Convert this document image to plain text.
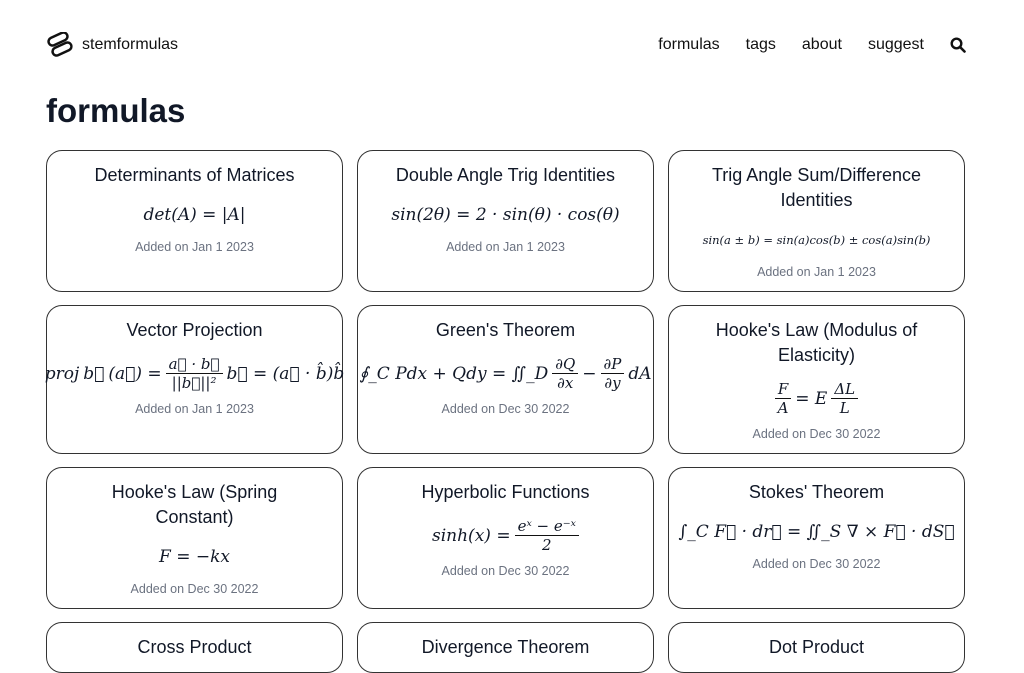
stemformulas	formulas tags about suggest
formulas
Determinants of Matrices
det(A) = |A|
Added on Jan 1 2023
Double Angle Trig Identities
sin(2θ) = 2 · sin(θ) · cos(θ)
Added on Jan 1 2023
Trig Angle Sum/Difference Identities
sin(a ± b) = sin(a)cos(b) ± cos(a)sin(b)
Added on Jan 1 2023
Vector Projection
proj b⃗ (a⃗) = $\frac{a⃗ \cdot b⃗}{\text{||b⃗||²}}$ b⃗ = (a⃗ · b̂)b̂
Added on Jan 1 2023
Green's Theorem
∮_C Pdx + Qdy = ∬_D $\frac{\partial Q}{\partial x} - \frac{\partial P}{\partial y}$ dA
Added on Dec 30 2022
Hooke's Law (Modulus of Elasticity)
$\frac{F}{A} = E \frac{\Delta L}{L}$
Added on Dec 30 2022
Hooke's Law (Spring Constant)
F = −kx
Added on Dec 30 2022
Hyperbolic Functions
$\sinh(x) = \frac{\text{eˣ − e⁻ˣ}}{2}$
Added on Dec 30 2022
Stokes' Theorem
∫_C F⃗ · dr⃗ = ∬_S ∇ × F⃗ · dS⃗
Added on Dec 30 2022
Cross Product	Divergence Theorem	Dot Product
